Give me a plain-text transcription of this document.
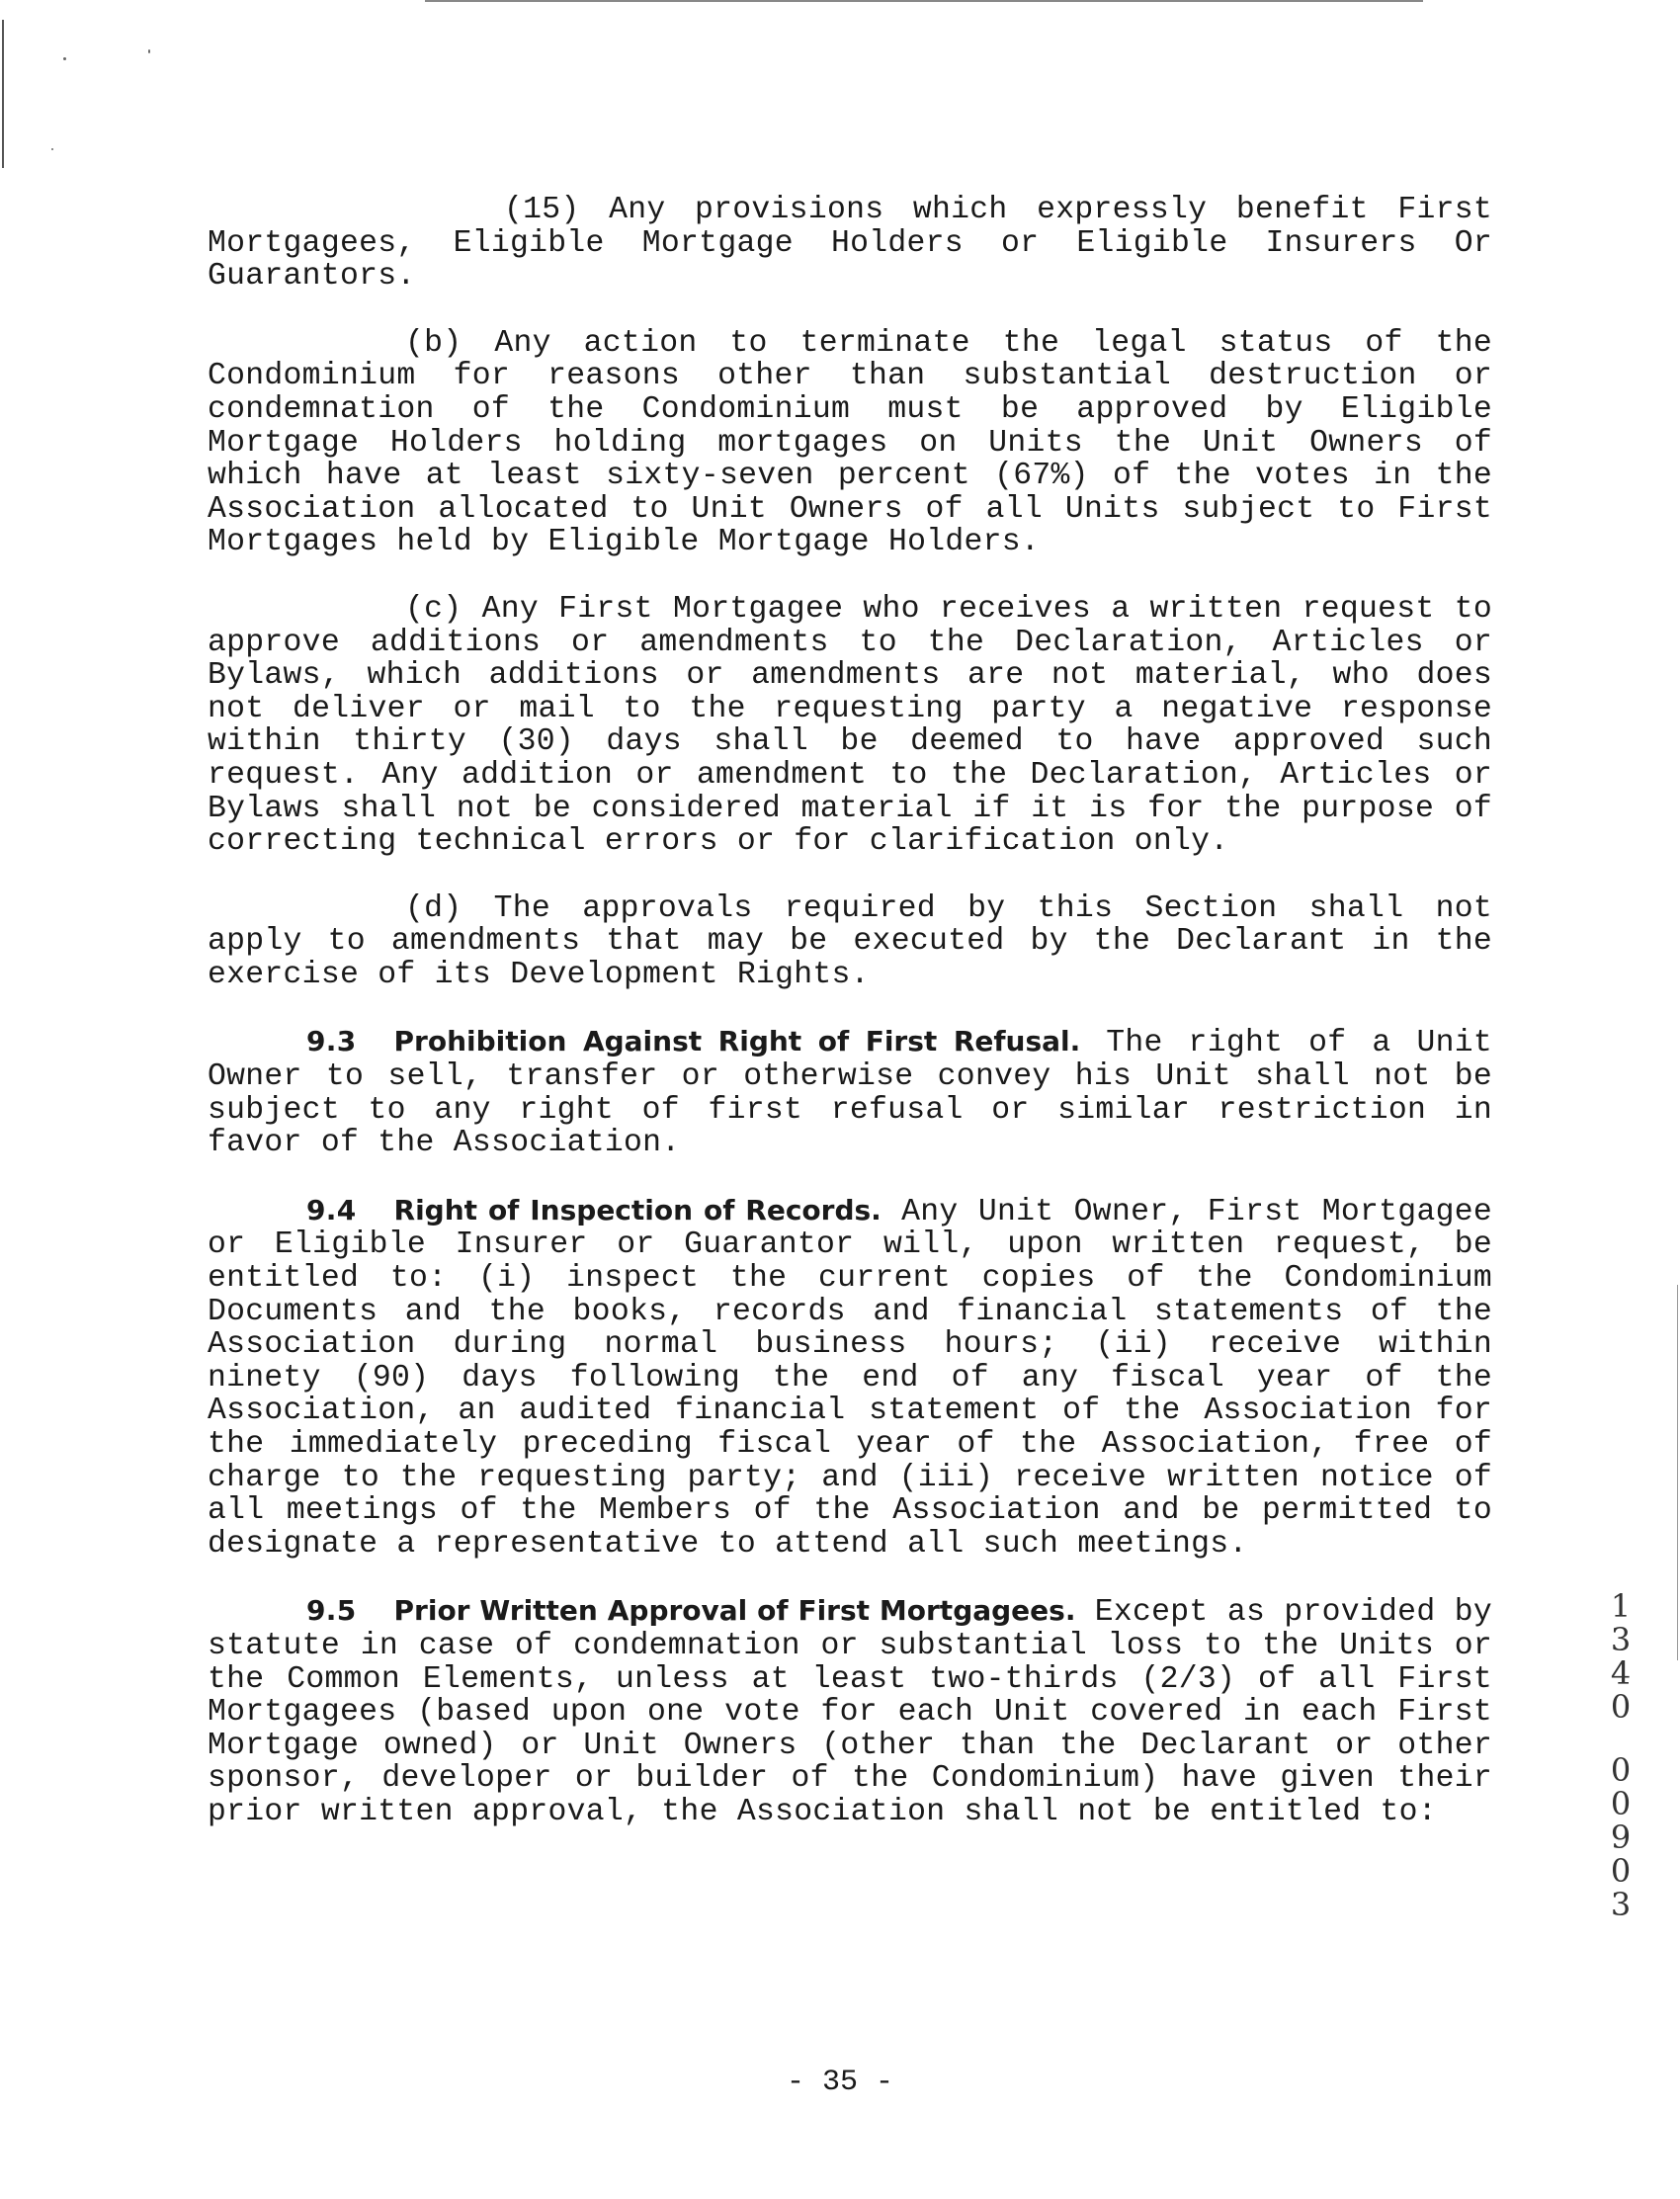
(15) Any provisions which expressly benefit First Mortgagees, Eligible Mortgage Holders or Eligible Insurers Or Guarantors.

(b) Any action to terminate the legal status of the Condominium for reasons other than substantial destruction or condemnation of the Condominium must be approved by Eligible Mortgage Holders holding mortgages on Units the Unit Owners of which have at least sixty-seven percent (67%) of the votes in the Association allocated to Unit Owners of all Units subject to First Mortgages held by Eligible Mortgage Holders.

(c) Any First Mortgagee who receives a written request to approve additions or amendments to the Declaration, Articles or Bylaws, which additions or amendments are not material, who does not deliver or mail to the requesting party a negative response within thirty (30) days shall be deemed to have approved such request. Any addition or amendment to the Declaration, Articles or Bylaws shall not be considered material if it is for the purpose of correcting technical errors or for clarification only.

(d) The approvals required by this Section shall not apply to amendments that may be executed by the Declarant in the exercise of its Development Rights.

9.3 Prohibition Against Right of First Refusal. The right of a Unit Owner to sell, transfer or otherwise convey his Unit shall not be subject to any right of first refusal or similar restriction in favor of the Association.

9.4 Right of Inspection of Records. Any Unit Owner, First Mortgagee or Eligible Insurer or Guarantor will, upon written request, be entitled to: (i) inspect the current copies of the Condominium Documents and the books, records and financial statements of the Association during normal business hours; (ii) receive within ninety (90) days following the end of any fiscal year of the Association, an audited financial statement of the Association for the immediately preceding fiscal year of the Association, free of charge to the requesting party; and (iii) receive written notice of all meetings of the Members of the Association and be permitted to designate a representative to attend all such meetings.

9.5 Prior Written Approval of First Mortgagees. Except as provided by statute in case of condemnation or substantial loss to the Units or the Common Elements, unless at least two-thirds (2/3) of all First Mortgagees (based upon one vote for each Unit covered in each First Mortgage owned) or Unit Owners (other than the Declarant or other sponsor, developer or builder of the Condominium) have given their prior written approval, the Association shall not be entitled to:

- 35 -
1
3
4
0
0
0
9
0
3
